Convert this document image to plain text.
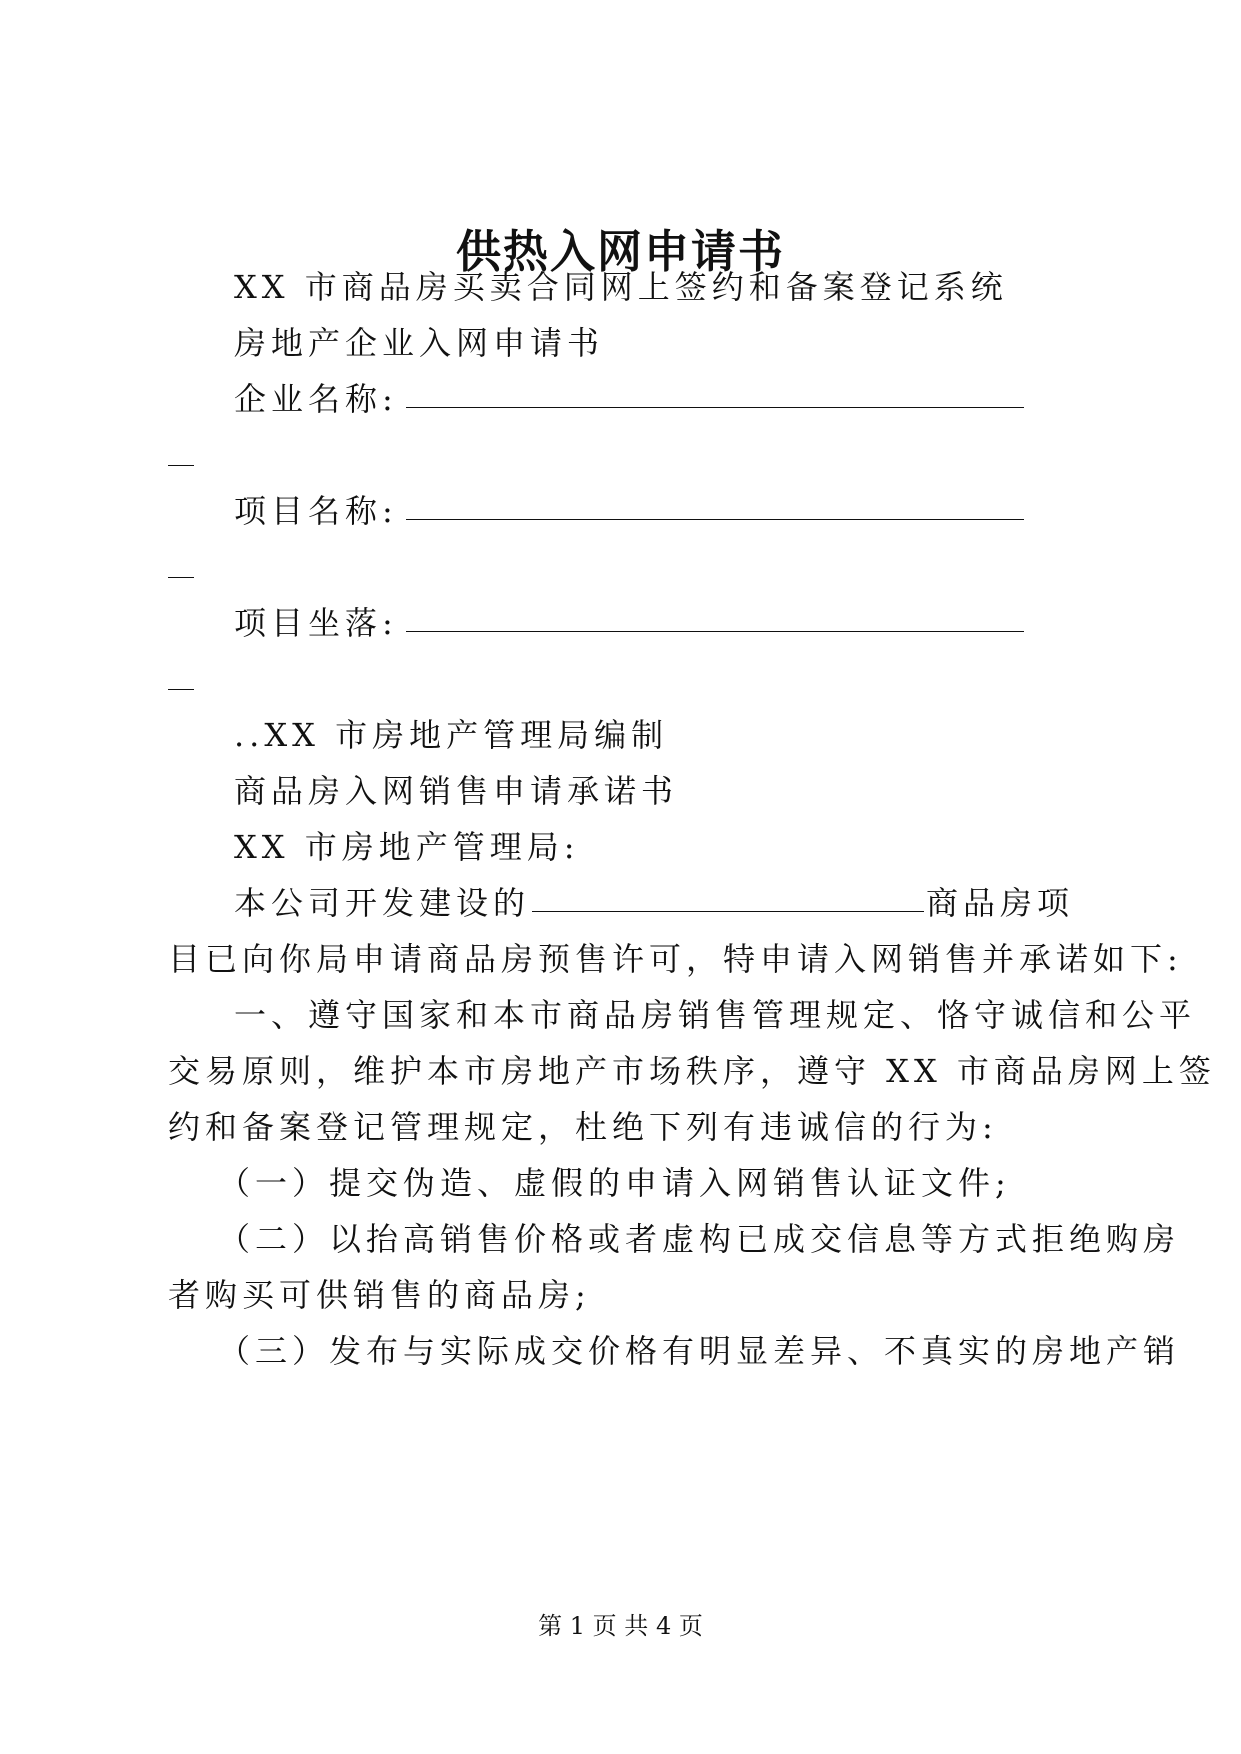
供热入网申请书

XX 市商品房买卖合同网上签约和备案登记系统

房地产企业入网申请书

企业名称:

项目名称:

项目坐落:

..XX 市房地产管理局编制

商品房入网销售申请承诺书

XX 市房地产管理局:

本公司开发建设的	商品房项

目已向你局申请商品房预售许可，特申请入网销售并承诺如下:

一、遵守国家和本市商品房销售管理规定、恪守诚信和公平

交易原则，维护本市房地产市场秩序，遵守 XX 市商品房网上签

约和备案登记管理规定，杜绝下列有违诚信的行为:

（一）提交伪造、虚假的申请入网销售认证文件;

（二）以抬高销售价格或者虚构已成交信息等方式拒绝购房

者购买可供销售的商品房;

（三）发布与实际成交价格有明显差异、不真实的房地产销

第 1 页 共 4 页
